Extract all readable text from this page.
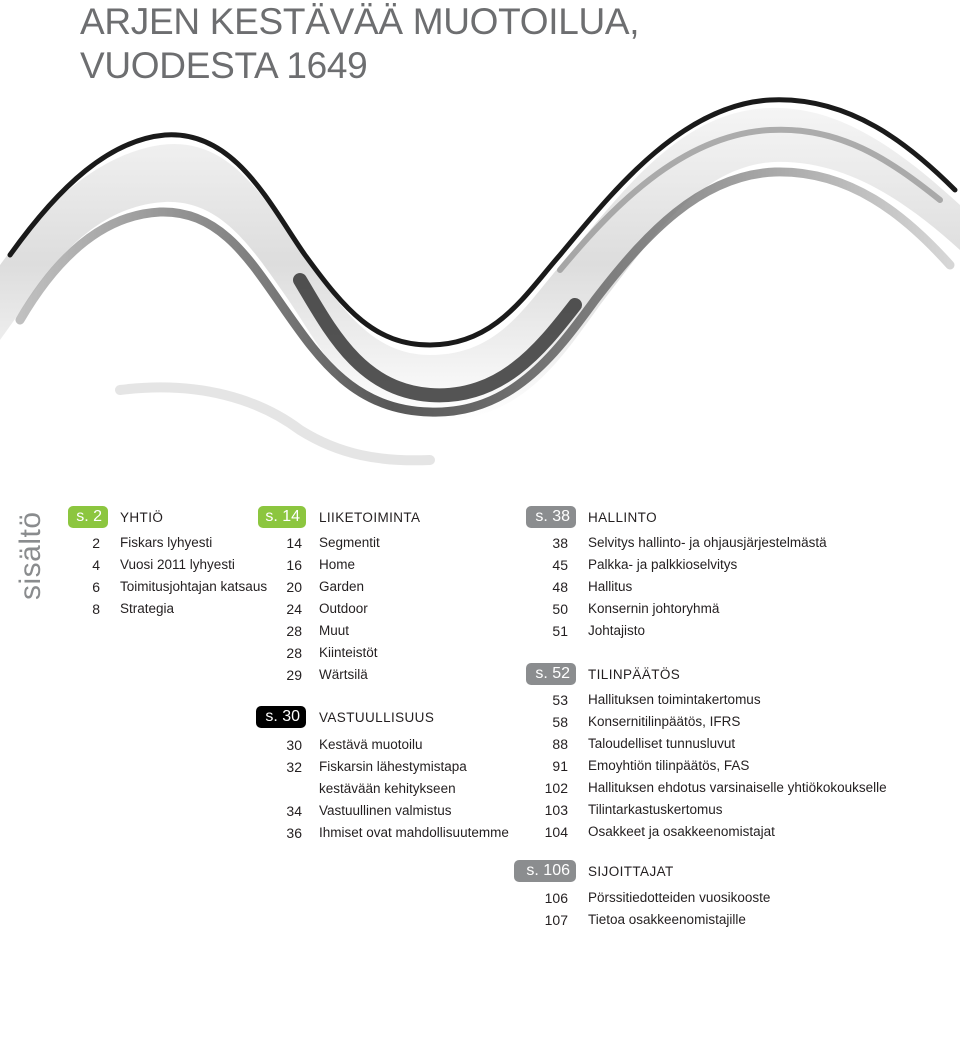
ARJEN KESTÄVÄÄ MUOTOILUA,
VUODESTA 1649
sisältö	s. 2	YHTIÖ
2 Fiskars lyhyesti
4 Vuosi 2011 lyhyesti
6 Toimitusjohtajan katsaus
8 Strategia
s. 14	LIIKETOIMINTA
14 Segmentit
16 Home
20 Garden
24 Outdoor
28 Muut
28 Kiinteistöt
29 Wärtsilä
s. 30	VASTUULLISUUS
30 Kestävä muotoilu
32 Fiskarsin lähestymistapa
kestävään kehitykseen
34 Vastuullinen valmistus
36 Ihmiset ovat mahdollisuutemme
s. 38	HALLINTO
38 Selvitys hallinto- ja ohjausjärjestelmästä
45 Palkka- ja palkkioselvitys
48 Hallitus
50 Konsernin johtoryhmä
51 Johtajisto
s. 52	TILINPÄÄTÖS
53 Hallituksen toimintakertomus
58 Konsernitilinpäätös, IFRS
88 Taloudelliset tunnusluvut
91 Emoyhtiön tilinpäätös, FAS
102 Hallituksen ehdotus varsinaiselle yhtiökokoukselle
103 Tilintarkastuskertomus
104 Osakkeet ja osakkeenomistajat
s. 106	SIJOITTAJAT
106 Pörssitiedotteiden vuosikooste
107 Tietoa osakkeenomistajille
